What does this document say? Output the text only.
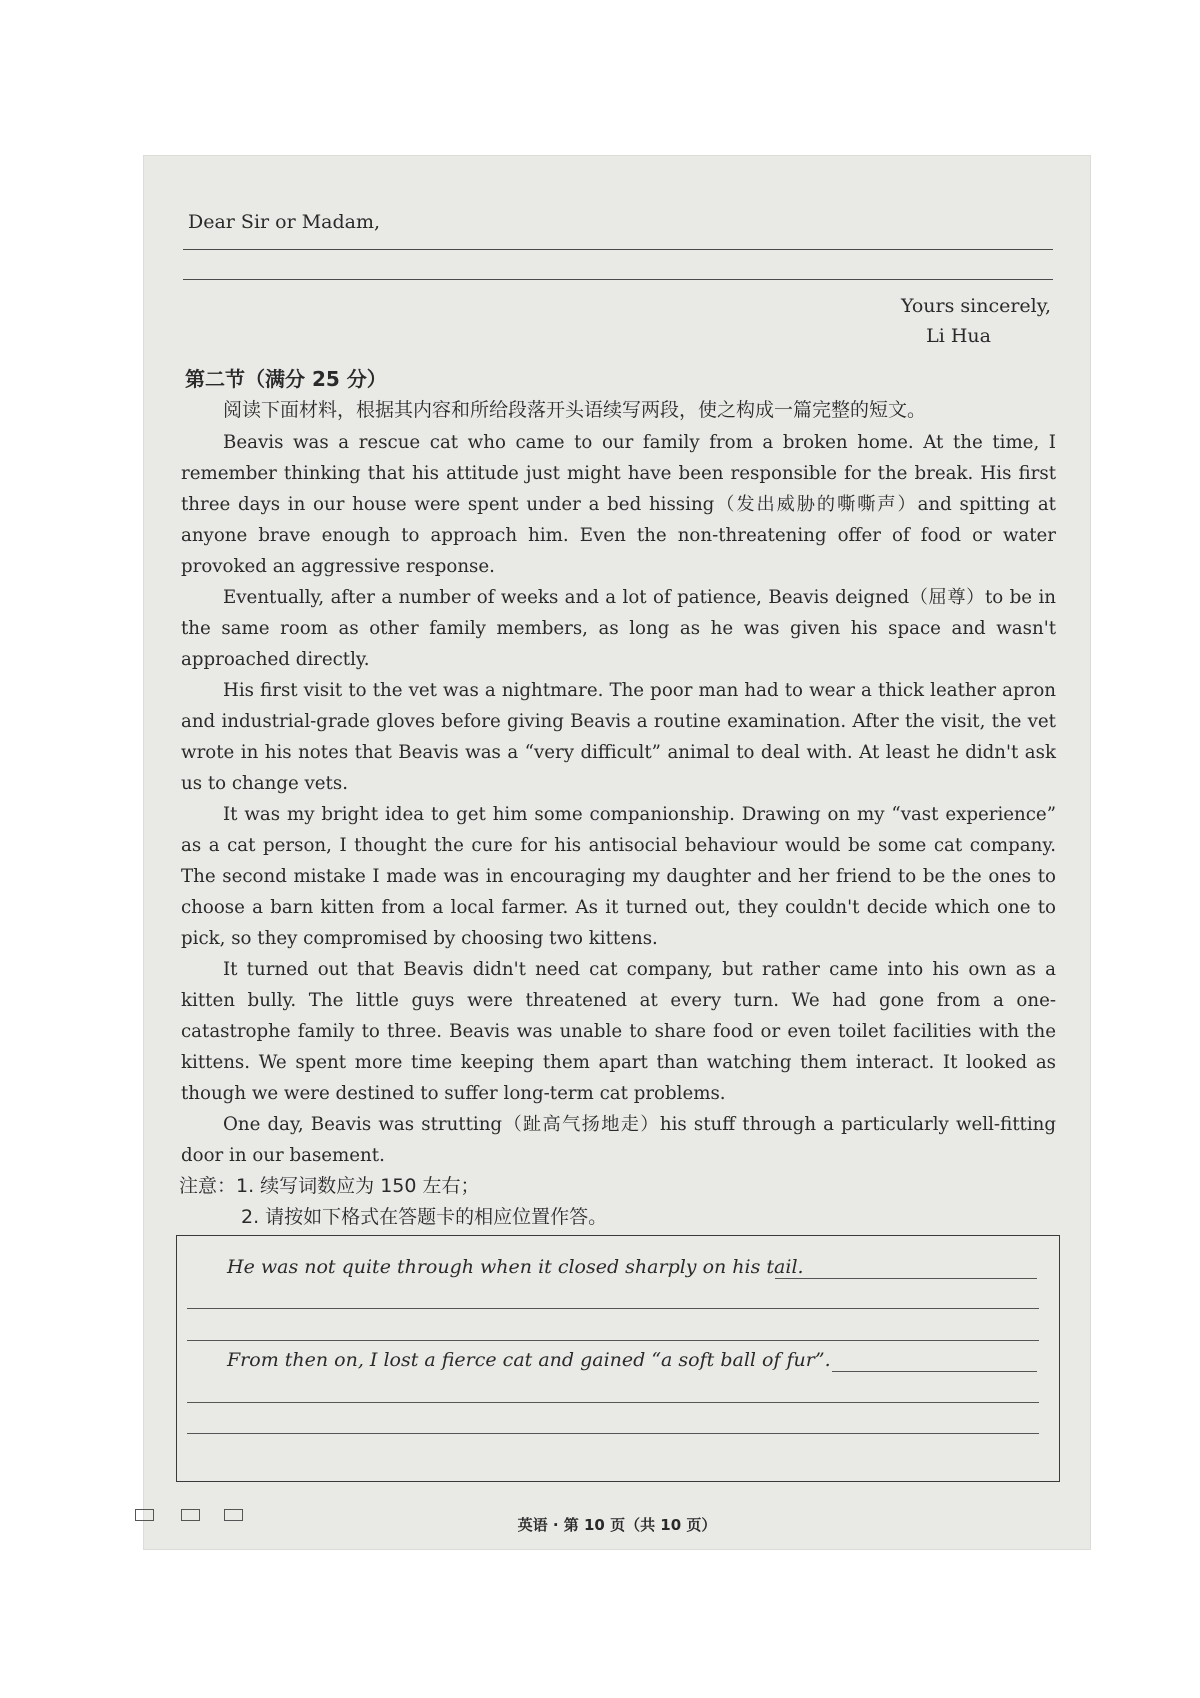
Dear Sir or Madam,
Yours sincerely,
Li Hua
第二节（满分 25 分）
阅读下面材料，根据其内容和所给段落开头语续写两段，使之构成一篇完整的短文。
Beavis was a rescue cat who came to our family from a broken home. At the time, I remember thinking that his attitude just might have been responsible for the break. His first three days in our house were spent under a bed hissing（发出威胁的嘶嘶声）and spitting at anyone brave enough to approach him. Even the non-threatening offer of food or water provoked an aggressive response.
Eventually, after a number of weeks and a lot of patience, Beavis deigned（屈尊）to be in the same room as other family members, as long as he was given his space and wasn't approached directly.
His first visit to the vet was a nightmare. The poor man had to wear a thick leather apron and industrial-grade gloves before giving Beavis a routine examination. After the visit, the vet wrote in his notes that Beavis was a “very difficult” animal to deal with. At least he didn't ask us to change vets.
It was my bright idea to get him some companionship. Drawing on my “vast experience” as a cat person, I thought the cure for his antisocial behaviour would be some cat company. The second mistake I made was in encouraging my daughter and her friend to be the ones to choose a barn kitten from a local farmer. As it turned out, they couldn't decide which one to pick, so they compromised by choosing two kittens.
It turned out that Beavis didn't need cat company, but rather came into his own as a kitten bully. The little guys were threatened at every turn. We had gone from a one-catastrophe family to three. Beavis was unable to share food or even toilet facilities with the kittens. We spent more time keeping them apart than watching them interact. It looked as though we were destined to suffer long-term cat problems.
One day, Beavis was strutting（趾高气扬地走）his stuff through a particularly well-fitting door in our basement.
注意：1. 续写词数应为 150 左右；
2. 请按如下格式在答题卡的相应位置作答。
He was not quite through when it closed sharply on his tail.
From then on, I lost a fierce cat and gained “a soft ball of fur”.
英语 · 第 10 页（共 10 页）
